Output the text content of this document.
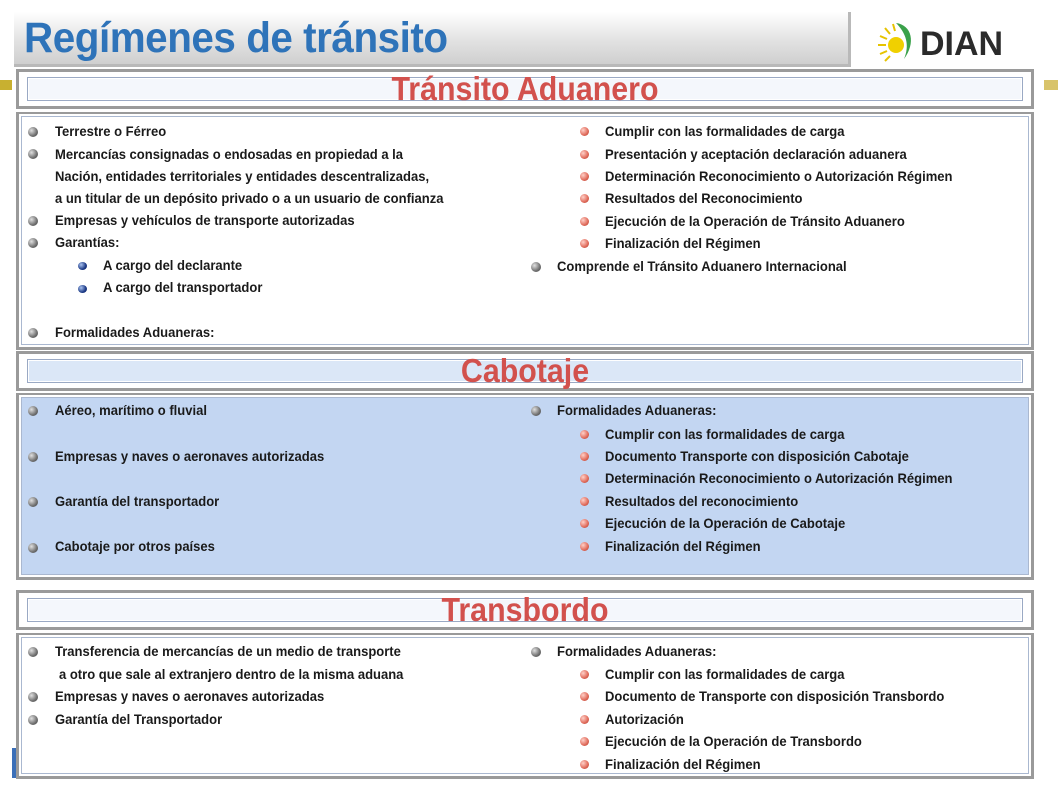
Regímenes de tránsito	DIAN
Tránsito Aduanero
Terrestre o Férreo
Mercancías consignadas o endosadas en propiedad a la
Nación, entidades territoriales y entidades descentralizadas,
a un titular de un depósito privado o a un usuario de confianza
Empresas y vehículos de transporte autorizadas
Garantías:
A cargo del declarante
A cargo del transportador
Formalidades Aduaneras:
Cumplir con las formalidades de carga
Presentación y aceptación declaración aduanera
Determinación Reconocimiento o Autorización Régimen
Resultados del Reconocimiento
Ejecución de la Operación de Tránsito Aduanero
Finalización del Régimen
Comprende el Tránsito Aduanero Internacional
Cabotaje
Aéreo, marítimo o fluvial
Empresas y naves o aeronaves autorizadas
Garantía del transportador
Cabotaje por otros países
Formalidades Aduaneras:
Cumplir con las formalidades de carga
Documento Transporte con disposición Cabotaje
Determinación Reconocimiento o Autorización Régimen
Resultados del reconocimiento
Ejecución de la Operación de Cabotaje
Finalización del Régimen
Transbordo
Transferencia de mercancías de un medio de transporte
a otro que sale al extranjero dentro de la misma aduana
Empresas y naves o aeronaves autorizadas
Garantía del Transportador
Formalidades Aduaneras:
Cumplir con las formalidades de carga
Documento de Transporte con disposición Transbordo
Autorización
Ejecución de la Operación de Transbordo
Finalización del Régimen
